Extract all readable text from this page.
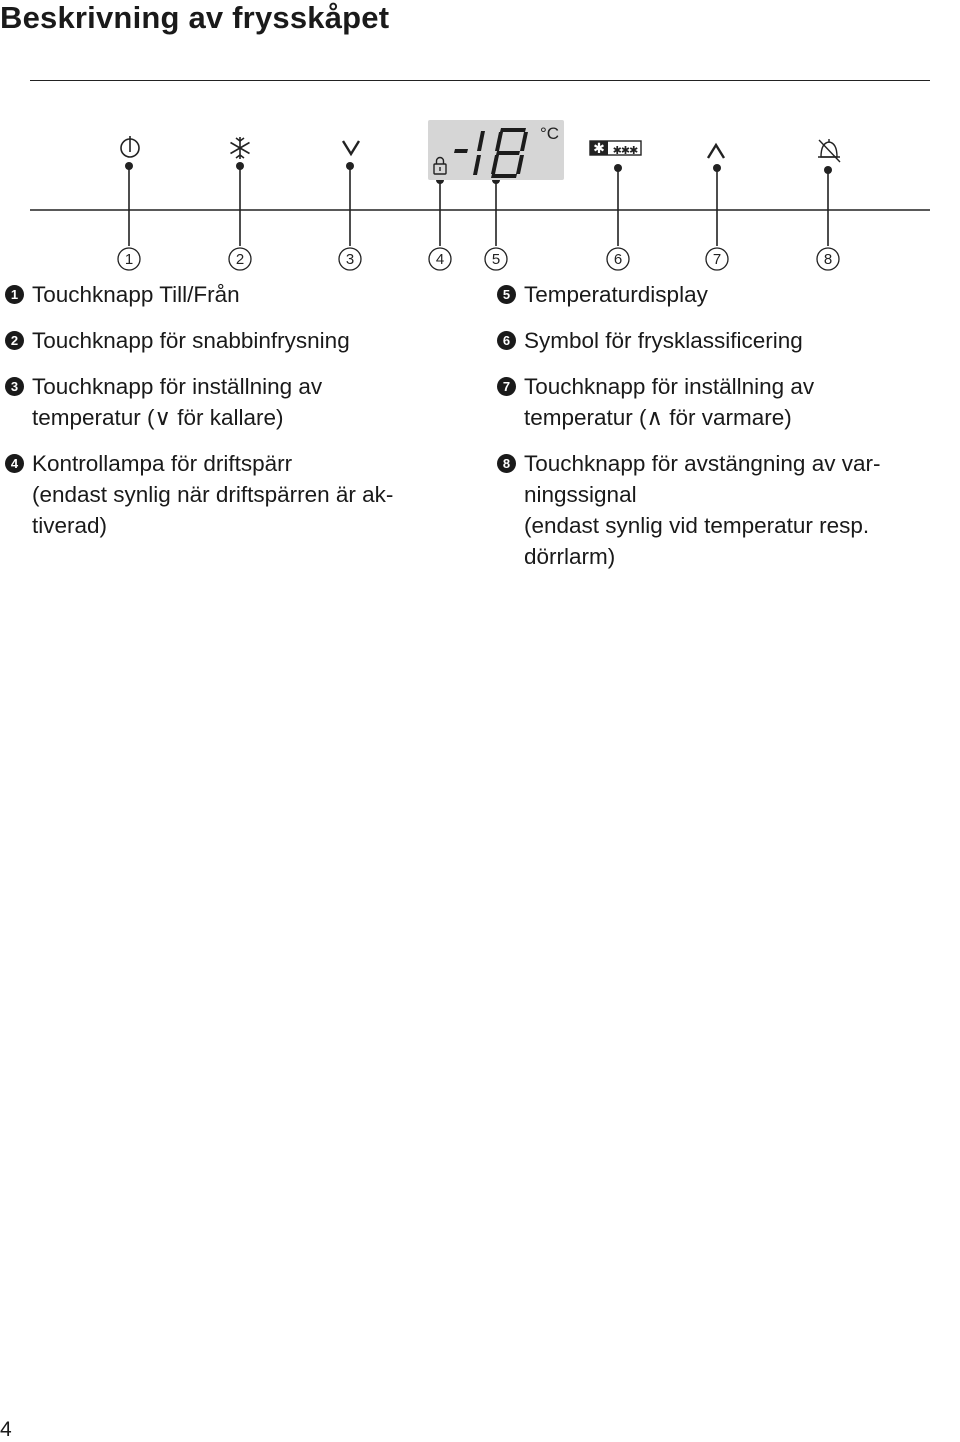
Beskrivning av frysskåpet
°C
✱ ✱✱✱
1	2	3	4	5	6	7	8
1 Touchknapp Till/Från
2 Touchknapp för snabbinfrysning
3 Touchknapp för inställning av
temperatur (∨ för kallare)
4 Kontrollampa för driftspärr
(endast synlig när driftspärren är ak-
tiverad)
5 Temperaturdisplay
6 Symbol för frysklassificering
7 Touchknapp för inställning av
temperatur (∧ för varmare)
8 Touchknapp för avstängning av var-
ningssignal
(endast synlig vid temperatur resp.
dörrlarm)
4
